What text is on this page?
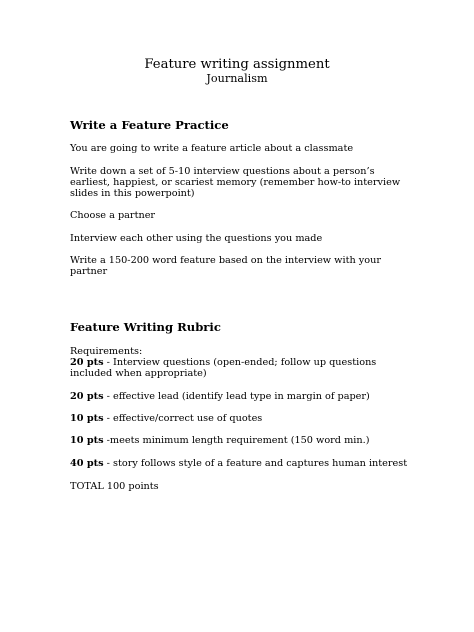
Feature writing assignment
Journalism
Write a Feature Practice
You are going to write a feature article about a classmate
Write down a set of 5-10 interview questions about a person’s earliest, happiest, or scariest memory (remember how-to interview slides in this powerpoint)
Choose a partner
Interview each other using the questions you made
Write a 150-200 word feature based on the interview with your partner
Feature Writing Rubric
Requirements:
20 pts - Interview questions (open-ended; follow up questions included when appropriate)
20 pts - effective lead (identify lead type in margin of paper)
10 pts - effective/correct use of quotes
10 pts -meets minimum length requirement (150 word min.)
40 pts - story follows style of a feature and captures human interest
TOTAL 100 points
